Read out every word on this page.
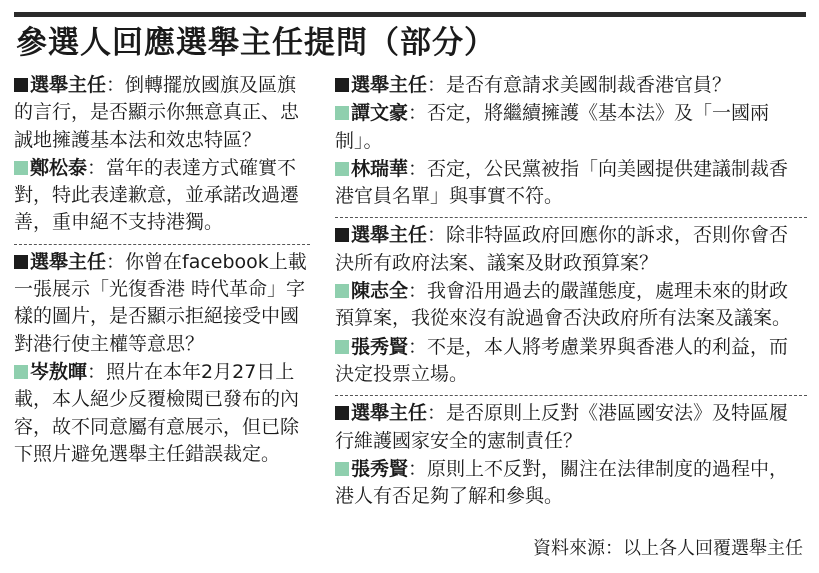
參選人回應選舉主任提問（部分）

選舉主任：倒轉擺放國旗及區旗的言行，是否顯示你無意真正、忠誠地擁護基本法和效忠特區？

鄭松泰：當年的表達方式確實不對，特此表達歉意，並承諾改過遷善，重申絕不支持港獨。

選舉主任：你曾在facebook上載一張展示「光復香港 時代革命」字樣的圖片，是否顯示拒絕接受中國對港行使主權等意思？

岑敖暉：照片在本年2月27日上載，本人絕少反覆檢閱已發布的內容，故不同意屬有意展示，但已除下照片避免選舉主任錯誤裁定。

選舉主任：是否有意請求美國制裁香港官員？

譚文豪：否定，將繼續擁護《基本法》及「一國兩制」。

林瑞華：否定，公民黨被指「向美國提供建議制裁香港官員名單」與事實不符。

選舉主任：除非特區政府回應你的訴求，否則你會否決所有政府法案、議案及財政預算案？

陳志全：我會沿用過去的嚴謹態度，處理未來的財政預算案，我從來沒有說過會否決政府所有法案及議案。

張秀賢：不是，本人將考慮業界與香港人的利益，而決定投票立場。

選舉主任：是否原則上反對《港區國安法》及特區履行維護國家安全的憲制責任？

張秀賢：原則上不反對，關注在法律制度的過程中，港人有否足夠了解和參與。

資料來源：以上各人回覆選舉主任
